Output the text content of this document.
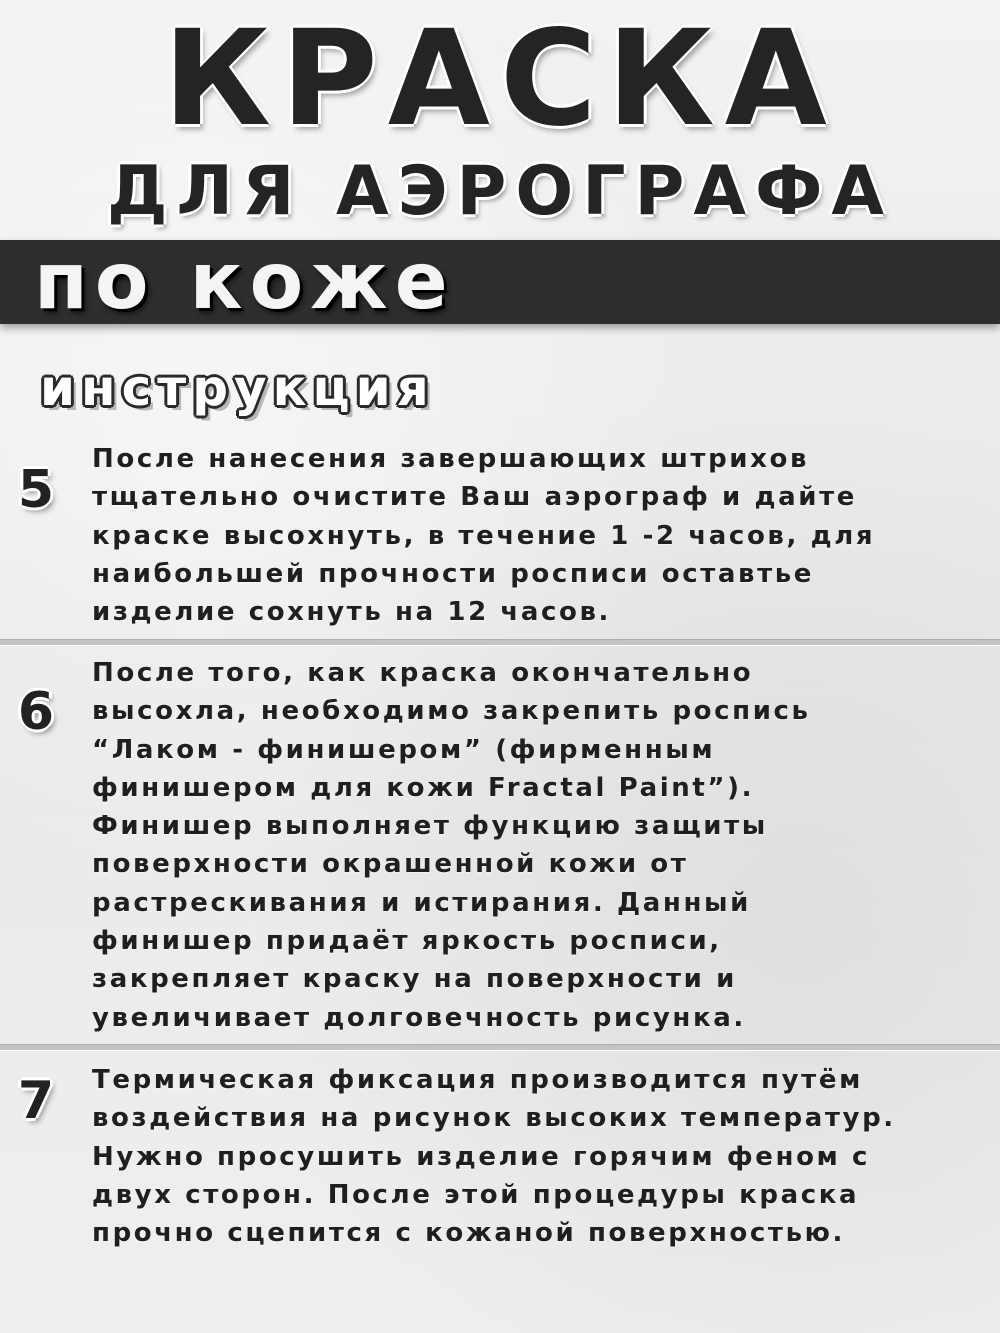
КРАСКА
ДЛЯ АЭРОГРАФА
по коже
инструкция
5

После нанесения завершающих штрихов
тщательно очистите Ваш аэрограф и дайте
краске высохнуть, в течение 1 -2 часов, для
наибольшей прочности росписи оставтье
изделие сохнуть на 12 часов.

6

После того, как краска окончательно
высохла, необходимо закрепить роспись
“Лаком - финишером” (фирменным
финишером для кожи Fractal Paint”).
Финишер выполняет функцию защиты
поверхности окрашенной кожи от
растрескивания и истирания. Данный
финишер придаёт яркость росписи,
закрепляет краску на поверхности и
увеличивает долговечность рисунка.

7	Термическая фиксация производится путём
воздействия на рисунок высоких температур.
Нужно просушить изделие горячим феном с
двух сторон. После этой процедуры краска
прочно сцепится с кожаной поверхностью.
